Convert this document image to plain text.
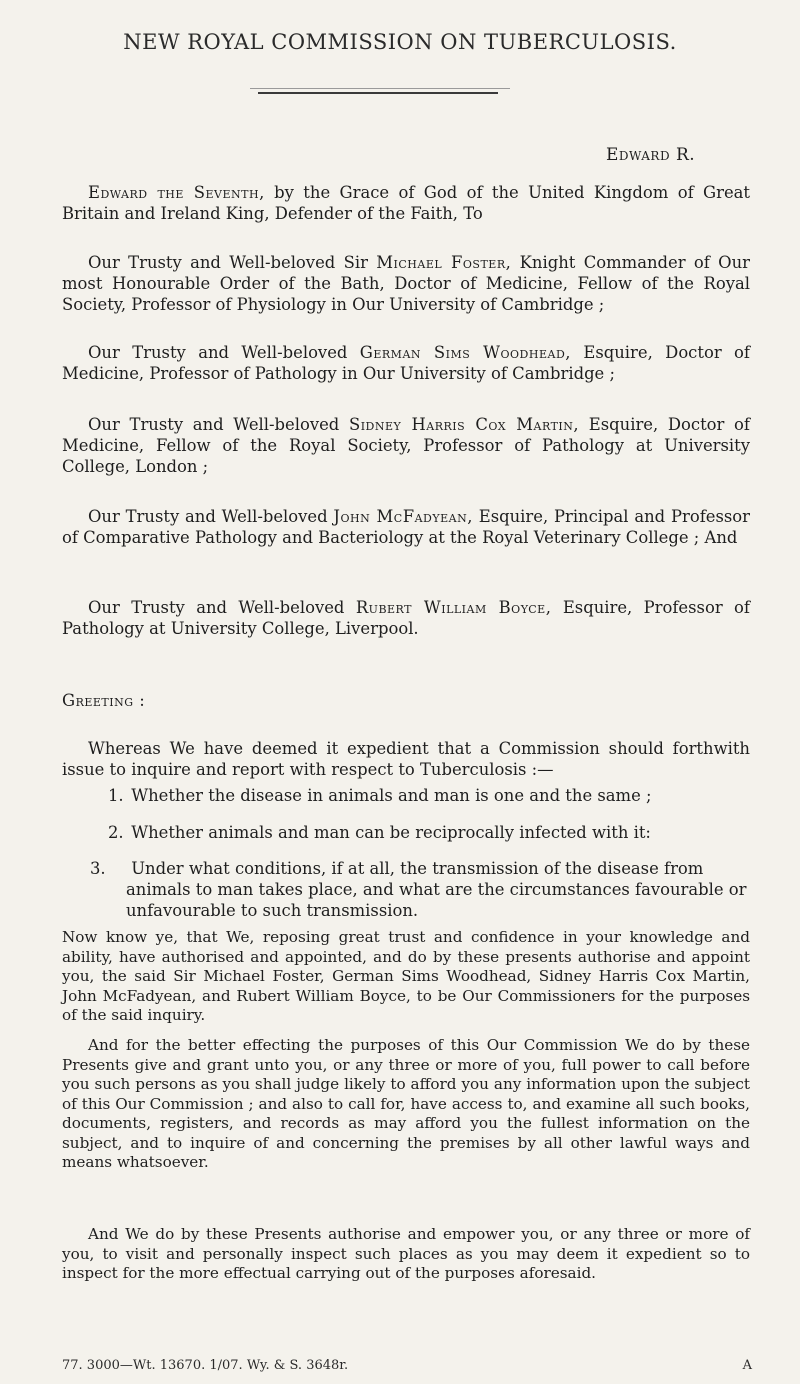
NEW ROYAL COMMISSION ON TUBERCULOSIS.
Edward R.
Edward the Seventh, by the Grace of God of the United Kingdom of Great Britain and Ireland King, Defender of the Faith, To
Our Trusty and Well-beloved Sir Michael Foster, Knight Commander of Our most Honourable Order of the Bath, Doctor of Medicine, Fellow of the Royal Society, Professor of Physiology in Our University of Cambridge ;
Our Trusty and Well-beloved German Sims Woodhead, Esquire, Doctor of Medicine, Professor of Pathology in Our University of Cambridge ;
Our Trusty and Well-beloved Sidney Harris Cox Martin, Esquire, Doctor of Medicine, Fellow of the Royal Society, Professor of Pathology at University College, London ;
Our Trusty and Well-beloved John McFadyean, Esquire, Principal and Professor of Comparative Pathology and Bacteriology at the Royal Veterinary College ; And
Our Trusty and Well-beloved Rubert William Boyce, Esquire, Professor of Pathology at University College, Liverpool.
Greeting :
Whereas We have deemed it expedient that a Commission should forthwith issue to inquire and report with respect to Tuberculosis :—
1. Whether the disease in animals and man is one and the same ;
2. Whether animals and man can be reciprocally infected with it:
3. Under what conditions, if at all, the transmission of the disease from animals to man takes place, and what are the circumstances favourable or unfavourable to such transmission.
Now know ye, that We, reposing great trust and confidence in your knowledge and ability, have authorised and appointed, and do by these presents authorise and appoint you, the said Sir Michael Foster, German Sims Woodhead, Sidney Harris Cox Martin, John McFadyean, and Rubert William Boyce, to be Our Commissioners for the purposes of the said inquiry.
And for the better effecting the purposes of this Our Commission We do by these Presents give and grant unto you, or any three or more of you, full power to call before you such persons as you shall judge likely to afford you any information upon the subject of this Our Commission ; and also to call for, have access to, and examine all such books, documents, registers, and records as may afford you the fullest information on the subject, and to inquire of and concerning the premises by all other lawful ways and means whatsoever.
And We do by these Presents authorise and empower you, or any three or more of you, to visit and personally inspect such places as you may deem it expedient so to inspect for the more effectual carrying out of the purposes aforesaid.
77. 3000—Wt. 13670. 1/07. Wy. & S. 3648r.	A
